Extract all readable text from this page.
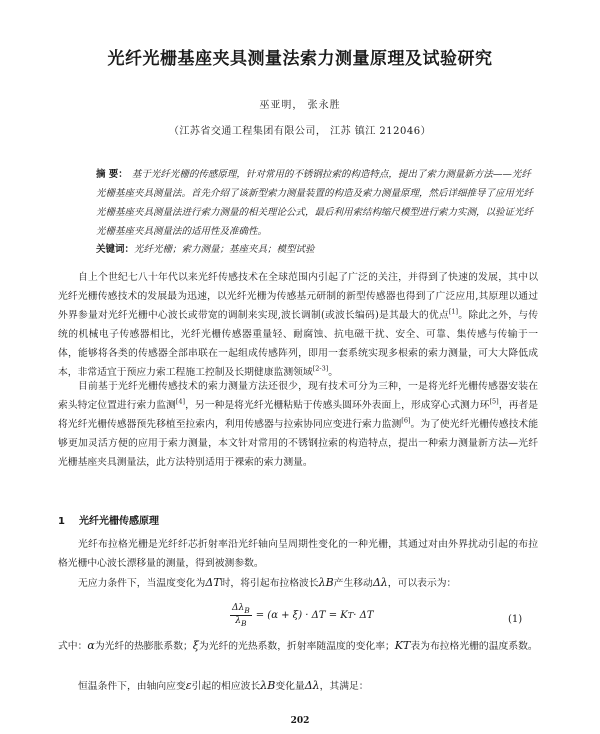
光纤光栅基座夹具测量法索力测量原理及试验研究
巫亚明， 张永胜
（江苏省交通工程集团有限公司， 江苏 镇江 212046）
摘 要： 基于光纤光栅的传感原理，针对常用的不锈钢拉索的构造特点，提出了索力测量新方法——光纤光栅基座夹具测量法。首先介绍了该新型索力测量装置的构造及索力测量原理，然后详细推导了应用光纤光栅基座夹具测量法进行索力测量的相关理论公式，最后利用索结构缩尺模型进行索力实测，以验证光纤光栅基座夹具测量法的适用性及准确性。
关键词：光纤光栅；索力测量；基座夹具；模型试验
自上个世纪七八十年代以来光纤传感技术在全球范围内引起了广泛的关注，并得到了快速的发展，其中以光纤光栅传感技术的发展最为迅速，以光纤光栅为传感基元研制的新型传感器也得到了广泛应用,其原理以通过外界参量对光纤光栅中心波长或带宽的调制来实现,波长调制(或波长编码)是其最大的优点[1]。除此之外，与传统的机械电子传感器相比，光纤光栅传感器重量轻、耐腐蚀、抗电磁干扰、安全、可靠、集传感与传输于一体，能够将各类的传感器全部串联在一起组成传感阵列，即用一套系统实现多根索的索力测量，可大大降低成本，非常适宜于预应力索工程施工控制及长期健康监测领域[2-3]。
目前基于光纤光栅传感技术的索力测量方法还很少，现有技术可分为三种，一是将光纤光栅传感器安装在索头特定位置进行索力监测[4]，另一种是将光纤光栅粘贴于传感头圆环外表面上，形成穿心式测力环[5]，再者是将光纤光栅传感器预先移植至拉索内，利用传感器与拉索协同应变进行索力监测[6]。为了使光纤光栅传感技术能够更加灵活方便的应用于索力测量，本文针对常用的不锈钢拉索的构造特点，提出一种索力测量新方法—光纤光栅基座夹具测量法，此方法特别适用于裸索的索力测量。
1 光纤光栅传感原理
光纤布拉格光栅是光纤纤芯折射率沿光纤轴向呈周期性变化的一种光栅，其通过对由外界扰动引起的布拉格光栅中心波长漂移量的测量，得到被测参数。
无应力条件下，当温度变化为ΔT时，将引起布拉格波长λB产生移动Δλ，可以表示为：
$\frac{\Delta\lambda_B}{\lambda_B} = (\alpha + \xi) \cdot \Delta T = K$ T · ΔT	(1)
式中：α为光纤的热膨胀系数；ξ为光纤的光热系数，折射率随温度的变化率；KT表为布拉格光栅的温度系数。
恒温条件下，由轴向应变ε引起的相应波长λB变化量Δλ，其满足：
202
